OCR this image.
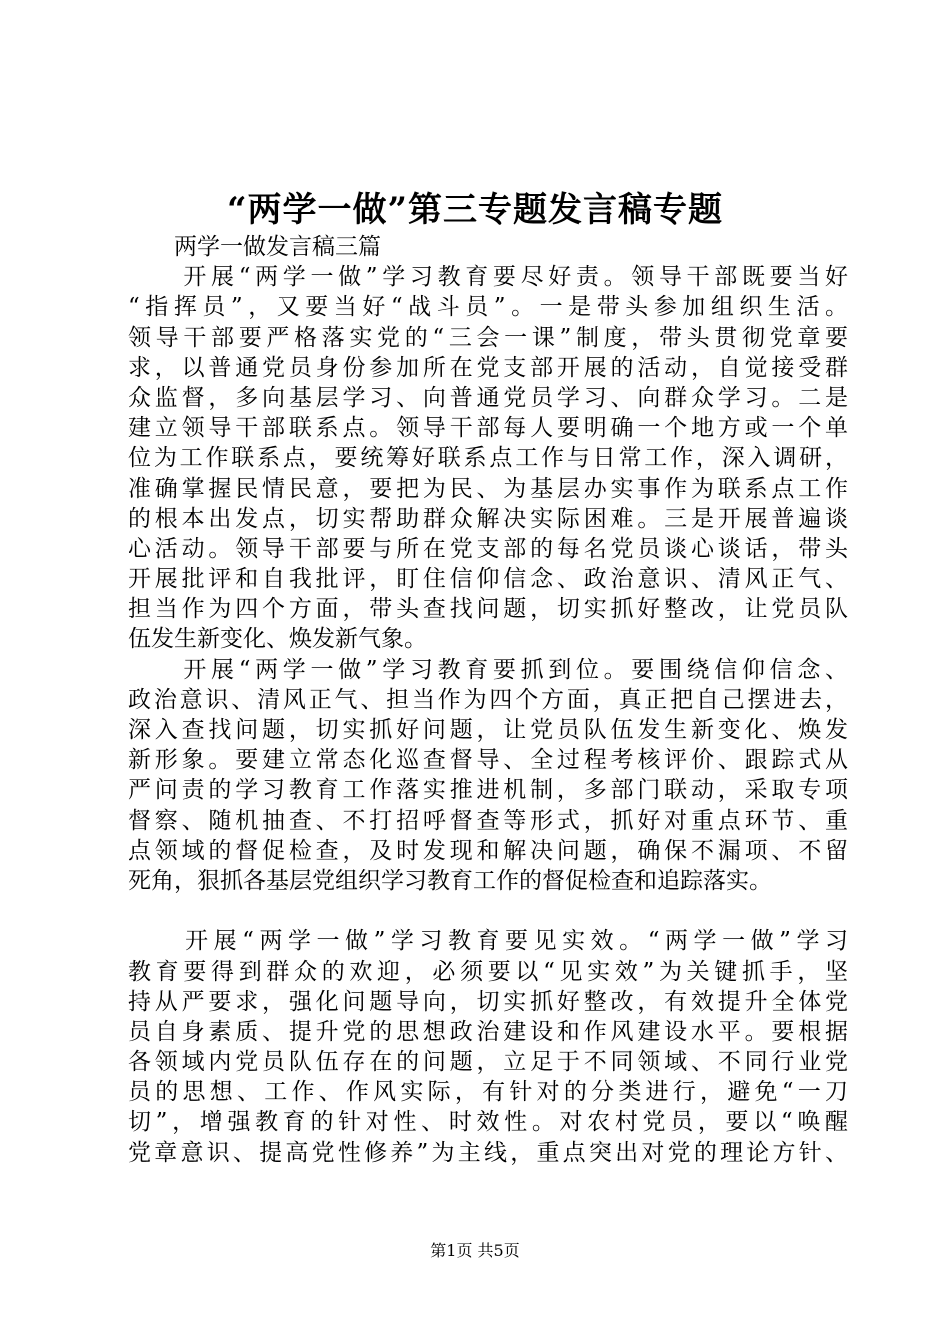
“两学一做”第三专题发言稿专题
　　两学一做发言稿三篇
　　开展“两学一做”学习教育要尽好责。领导干部既要当好
“指挥员”，又要当好“战斗员”。一是带头参加组织生活。
领导干部要严格落实党的“三会一课”制度，带头贯彻党章要
求，以普通党员身份参加所在党支部开展的活动，自觉接受群
众监督，多向基层学习、向普通党员学习、向群众学习。二是
建立领导干部联系点。领导干部每人要明确一个地方或一个单
位为工作联系点，要统筹好联系点工作与日常工作，深入调研，
准确掌握民情民意，要把为民、为基层办实事作为联系点工作
的根本出发点，切实帮助群众解决实际困难。三是开展普遍谈
心活动。领导干部要与所在党支部的每名党员谈心谈话，带头
开展批评和自我批评，盯住信仰信念、政治意识、清风正气、
担当作为四个方面，带头查找问题，切实抓好整改，让党员队
伍发生新变化、焕发新气象。
　　开展“两学一做”学习教育要抓到位。要围绕信仰信念、
政治意识、清风正气、担当作为四个方面，真正把自己摆进去，
深入查找问题，切实抓好问题，让党员队伍发生新变化、焕发
新形象。要建立常态化巡查督导、全过程考核评价、跟踪式从
严问责的学习教育工作落实推进机制，多部门联动，采取专项
督察、随机抽查、不打招呼督查等形式，抓好对重点环节、重
点领域的督促检查，及时发现和解决问题，确保不漏项、不留
死角，狠抓各基层党组织学习教育工作的督促检查和追踪落实。
　　开展“两学一做”学习教育要见实效。“两学一做”学习
教育要得到群众的欢迎，必须要以“见实效”为关键抓手，坚
持从严要求，强化问题导向，切实抓好整改，有效提升全体党
员自身素质、提升党的思想政治建设和作风建设水平。要根据
各领域内党员队伍存在的问题，立足于不同领域、不同行业党
员的思想、工作、作风实际，有针对的分类进行，避免“一刀
切”，增强教育的针对性、时效性。对农村党员，要以“唤醒
党章意识、提高党性修养”为主线，重点突出对党的理论方针、
第1页 共5页
